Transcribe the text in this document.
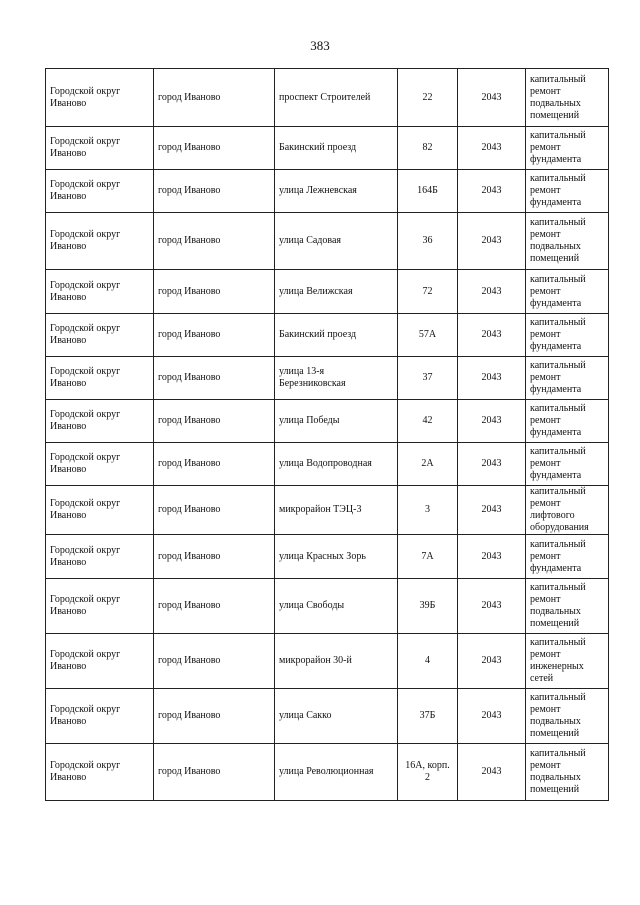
383
Городской округ Иваново	город Иваново	проспект Строителей	22	2043	капитальный ремонт подвальных помещений
Городской округ Иваново	город Иваново	Бакинский проезд	82	2043	капитальный ремонт фундамента
Городской округ Иваново	город Иваново	улица Лежневская	164Б	2043	капитальный ремонт фундамента
Городской округ Иваново	город Иваново	улица Садовая	36	2043	капитальный ремонт подвальных помещений
Городской округ Иваново	город Иваново	улица Велижская	72	2043	капитальный ремонт фундамента
Городской округ Иваново	город Иваново	Бакинский проезд	57А	2043	капитальный ремонт фундамента
Городской округ Иваново	город Иваново	улица 13-я Березниковская	37	2043	капитальный ремонт фундамента
Городской округ Иваново	город Иваново	улица Победы	42	2043	капитальный ремонт фундамента
Городской округ Иваново	город Иваново	улица Водопроводная	2А	2043	капитальный ремонт фундамента
Городской округ Иваново	город Иваново	микрорайон ТЭЦ-3	3	2043	капитальный ремонт лифтового оборудования
Городской округ Иваново	город Иваново	улица Красных Зорь	7А	2043	капитальный ремонт фундамента
Городской округ Иваново	город Иваново	улица Свободы	39Б	2043	капитальный ремонт подвальных помещений
Городской округ Иваново	город Иваново	микрорайон 30-й	4	2043	капитальный ремонт инженерных сетей
Городской округ Иваново	город Иваново	улица Сакко	37Б	2043	капитальный ремонт подвальных помещений
Городской округ Иваново	город Иваново	улица Революционная	16А, корп. 2	2043	капитальный ремонт подвальных помещений
